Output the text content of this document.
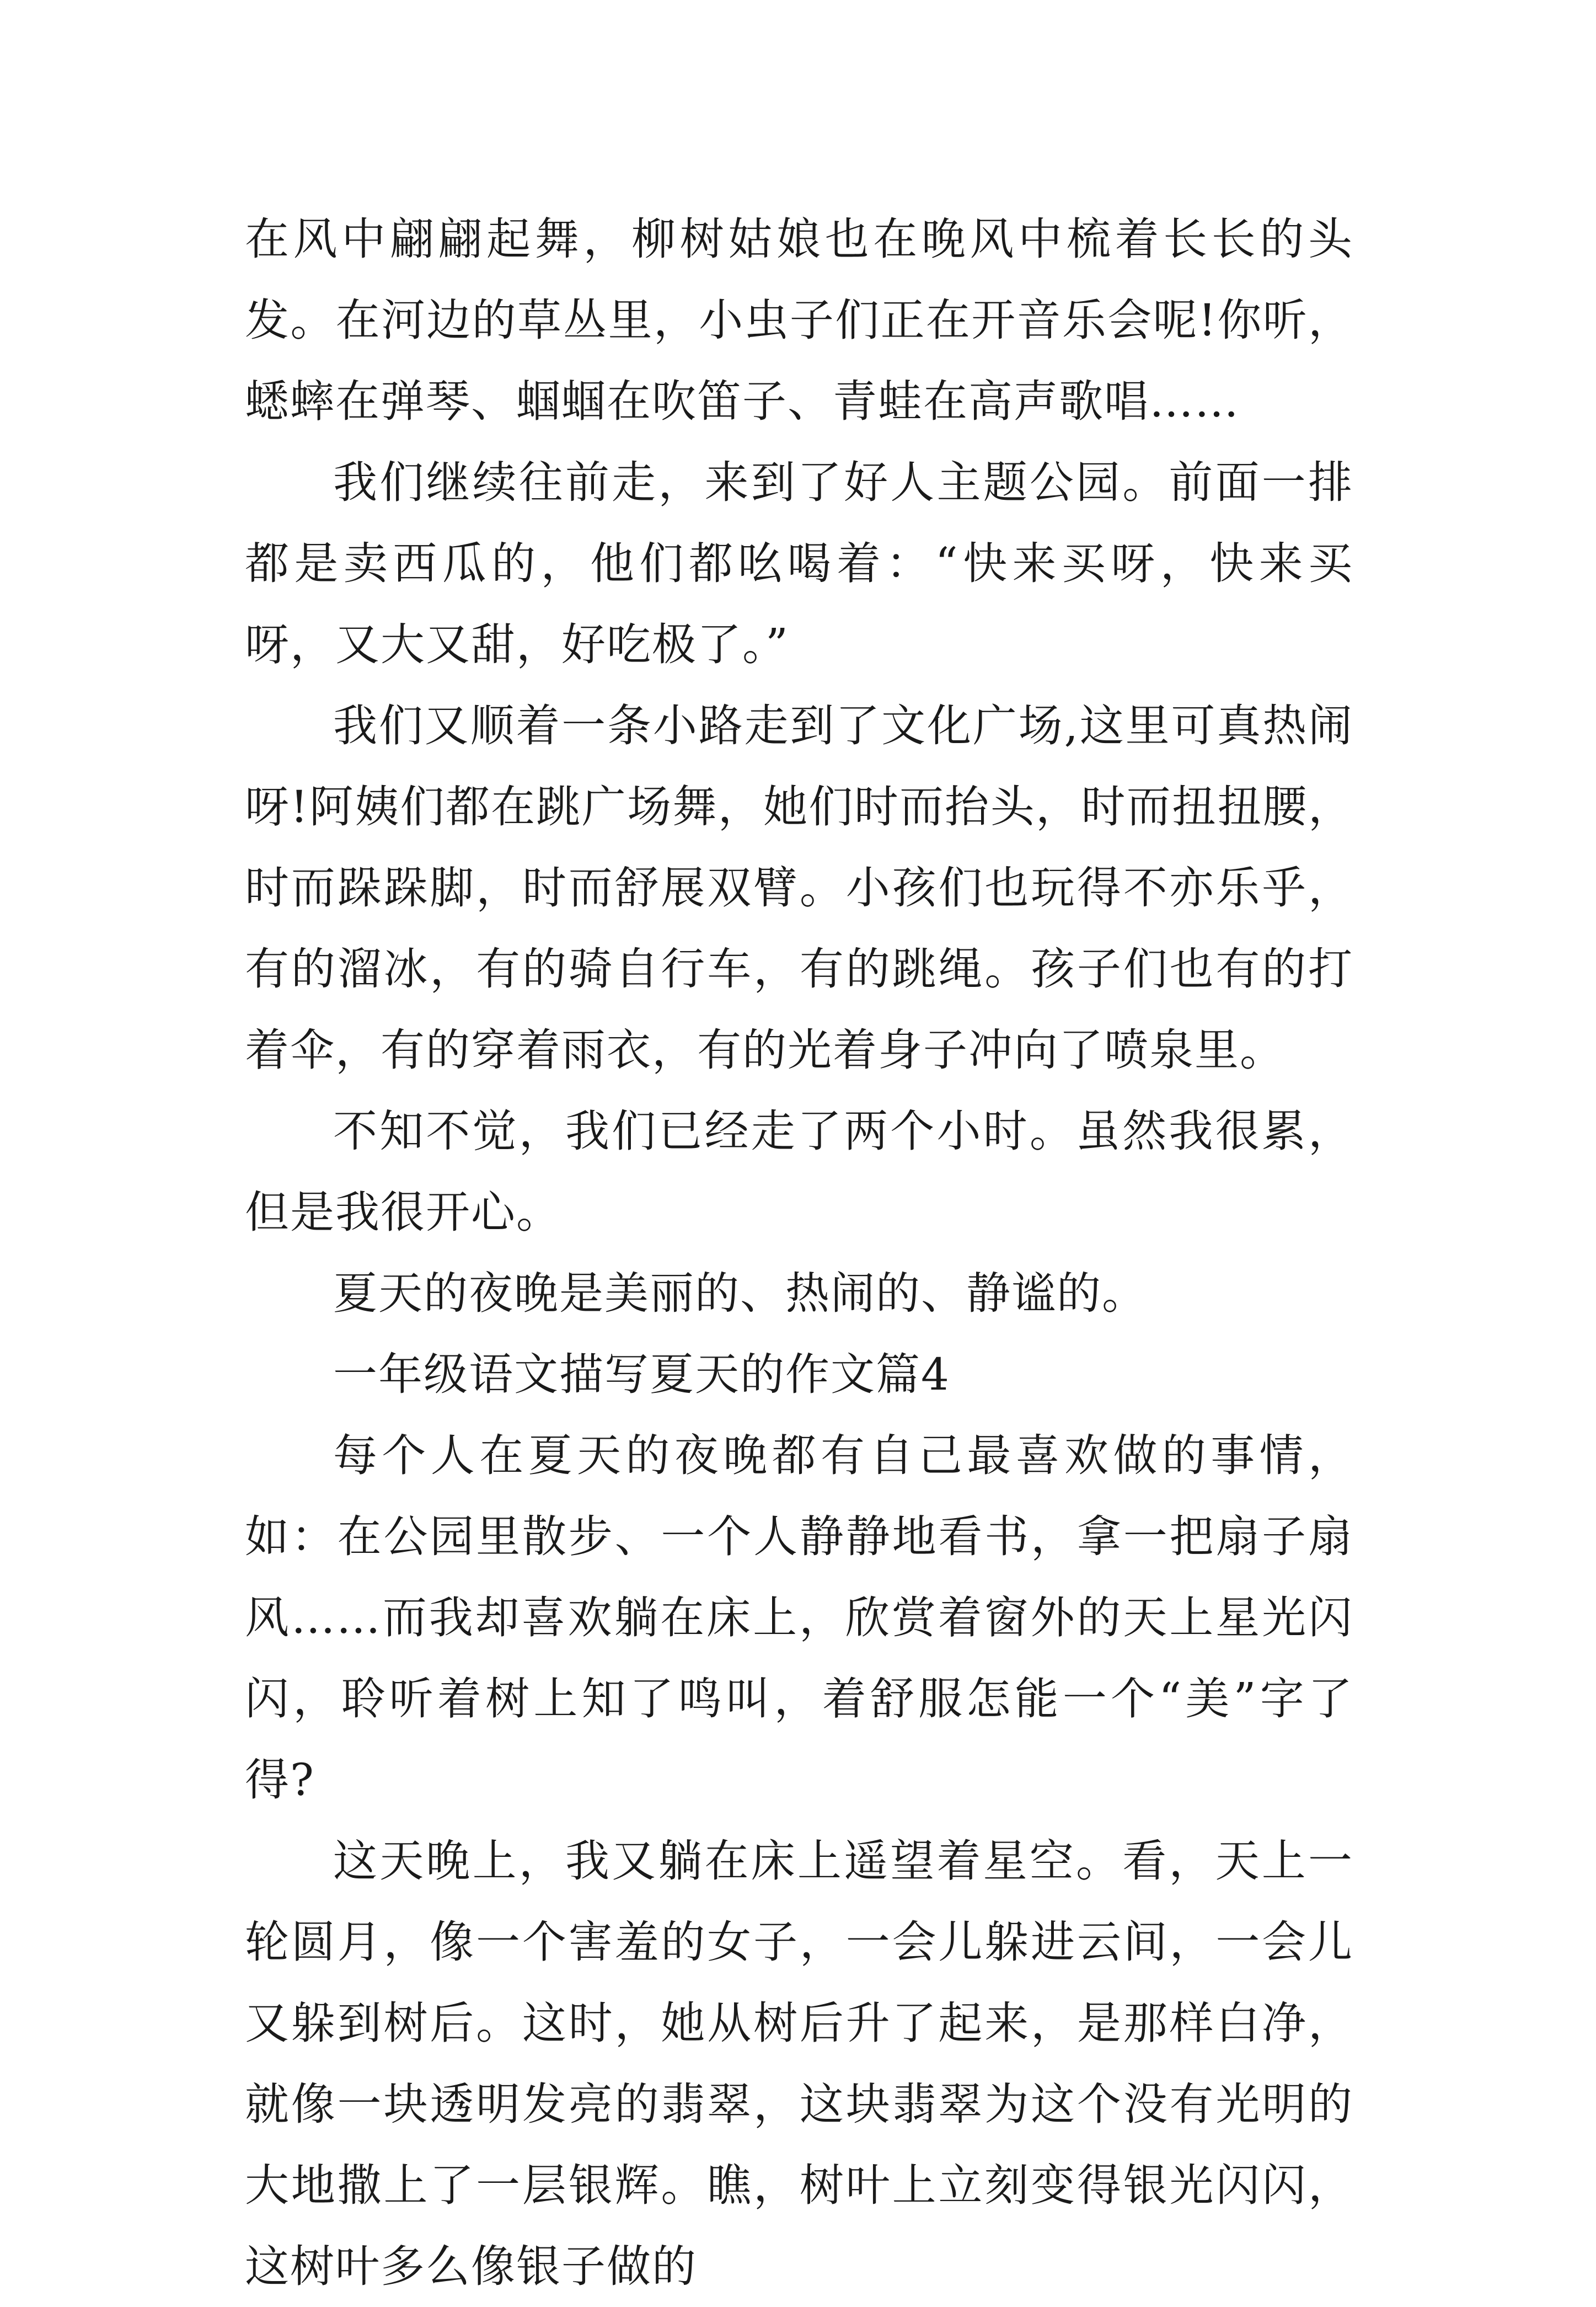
在风中翩翩起舞，柳树姑娘也在晚风中梳着长长的头发。在河边的草丛里，小虫子们正在开音乐会呢!你听，蟋蟀在弹琴、蝈蝈在吹笛子、青蛙在高声歌唱……

我们继续往前走，来到了好人主题公园。前面一排都是卖西瓜的，他们都吆喝着：“快来买呀，快来买呀，又大又甜，好吃极了。”

我们又顺着一条小路走到了文化广场,这里可真热闹呀!阿姨们都在跳广场舞，她们时而抬头，时而扭扭腰，时而跺跺脚，时而舒展双臂。小孩们也玩得不亦乐乎，有的溜冰，有的骑自行车，有的跳绳。孩子们也有的打着伞，有的穿着雨衣，有的光着身子冲向了喷泉里。

不知不觉，我们已经走了两个小时。虽然我很累，但是我很开心。

夏天的夜晚是美丽的、热闹的、静谧的。

一年级语文描写夏天的作文篇4

每个人在夏天的夜晚都有自己最喜欢做的事情，如：在公园里散步、一个人静静地看书，拿一把扇子扇风……而我却喜欢躺在床上，欣赏着窗外的天上星光闪闪，聆听着树上知了鸣叫，着舒服怎能一个“美”字了得?

这天晚上，我又躺在床上遥望着星空。看，天上一轮圆月，像一个害羞的女子，一会儿躲进云间，一会儿又躲到树后。这时，她从树后升了起来，是那样白净，就像一块透明发亮的翡翠，这块翡翠为这个没有光明的大地撒上了一层银辉。瞧，树叶上立刻变得银光闪闪，这树叶多么像银子做的
